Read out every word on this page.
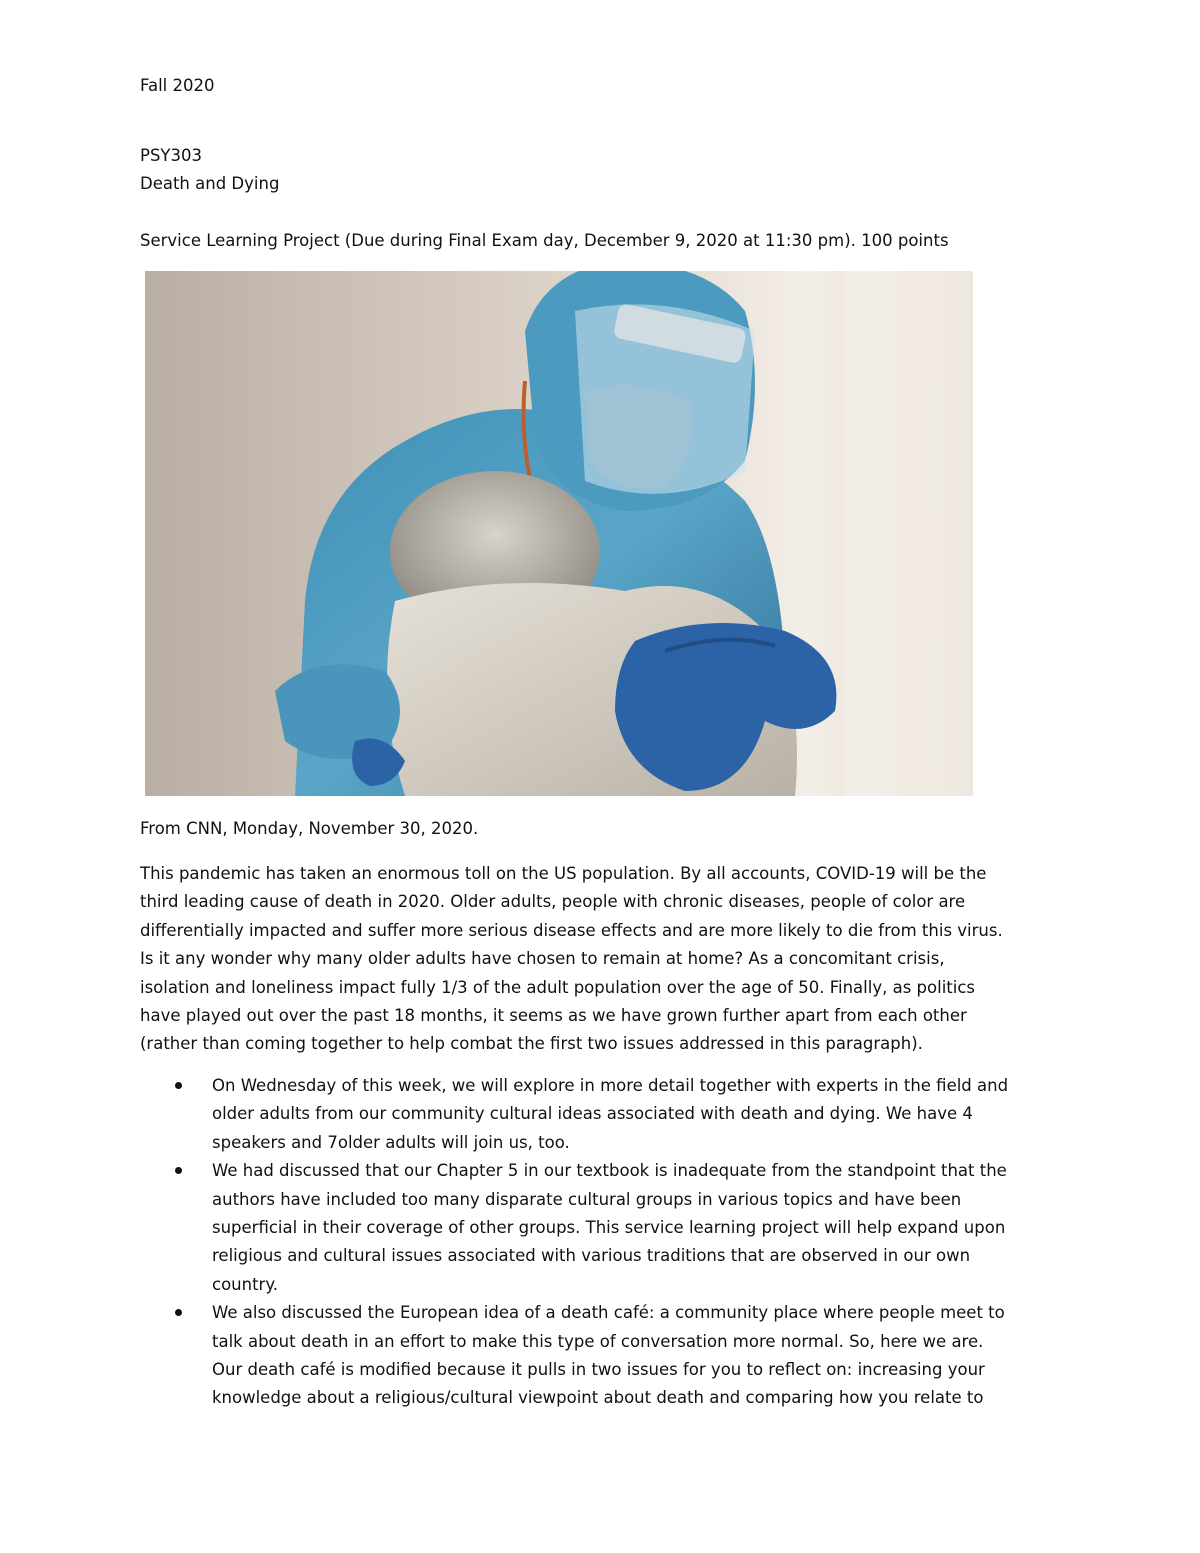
Fall 2020
PSY303
Death and Dying
Service Learning Project (Due during Final Exam day, December 9, 2020 at 11:30 pm). 100 points
From CNN, Monday, November 30, 2020.
This pandemic has taken an enormous toll on the US population. By all accounts, COVID-19 will be the
third leading cause of death in 2020. Older adults, people with chronic diseases, people of color are
differentially impacted and suffer more serious disease effects and are more likely to die from this virus.
Is it any wonder why many older adults have chosen to remain at home? As a concomitant crisis,
isolation and loneliness impact fully 1/3 of the adult population over the age of 50. Finally, as politics
have played out over the past 18 months, it seems as we have grown further apart from each other
(rather than coming together to help combat the first two issues addressed in this paragraph).
On Wednesday of this week, we will explore in more detail together with experts in the field and
older adults from our community cultural ideas associated with death and dying. We have 4
speakers and 7older adults will join us, too.
We had discussed that our Chapter 5 in our textbook is inadequate from the standpoint that the
authors have included too many disparate cultural groups in various topics and have been
superficial in their coverage of other groups. This service learning project will help expand upon
religious and cultural issues associated with various traditions that are observed in our own
country.
We also discussed the European idea of a death café: a community place where people meet to
talk about death in an effort to make this type of conversation more normal. So, here we are.
Our death café is modified because it pulls in two issues for you to reflect on: increasing your
knowledge about a religious/cultural viewpoint about death and comparing how you relate to
